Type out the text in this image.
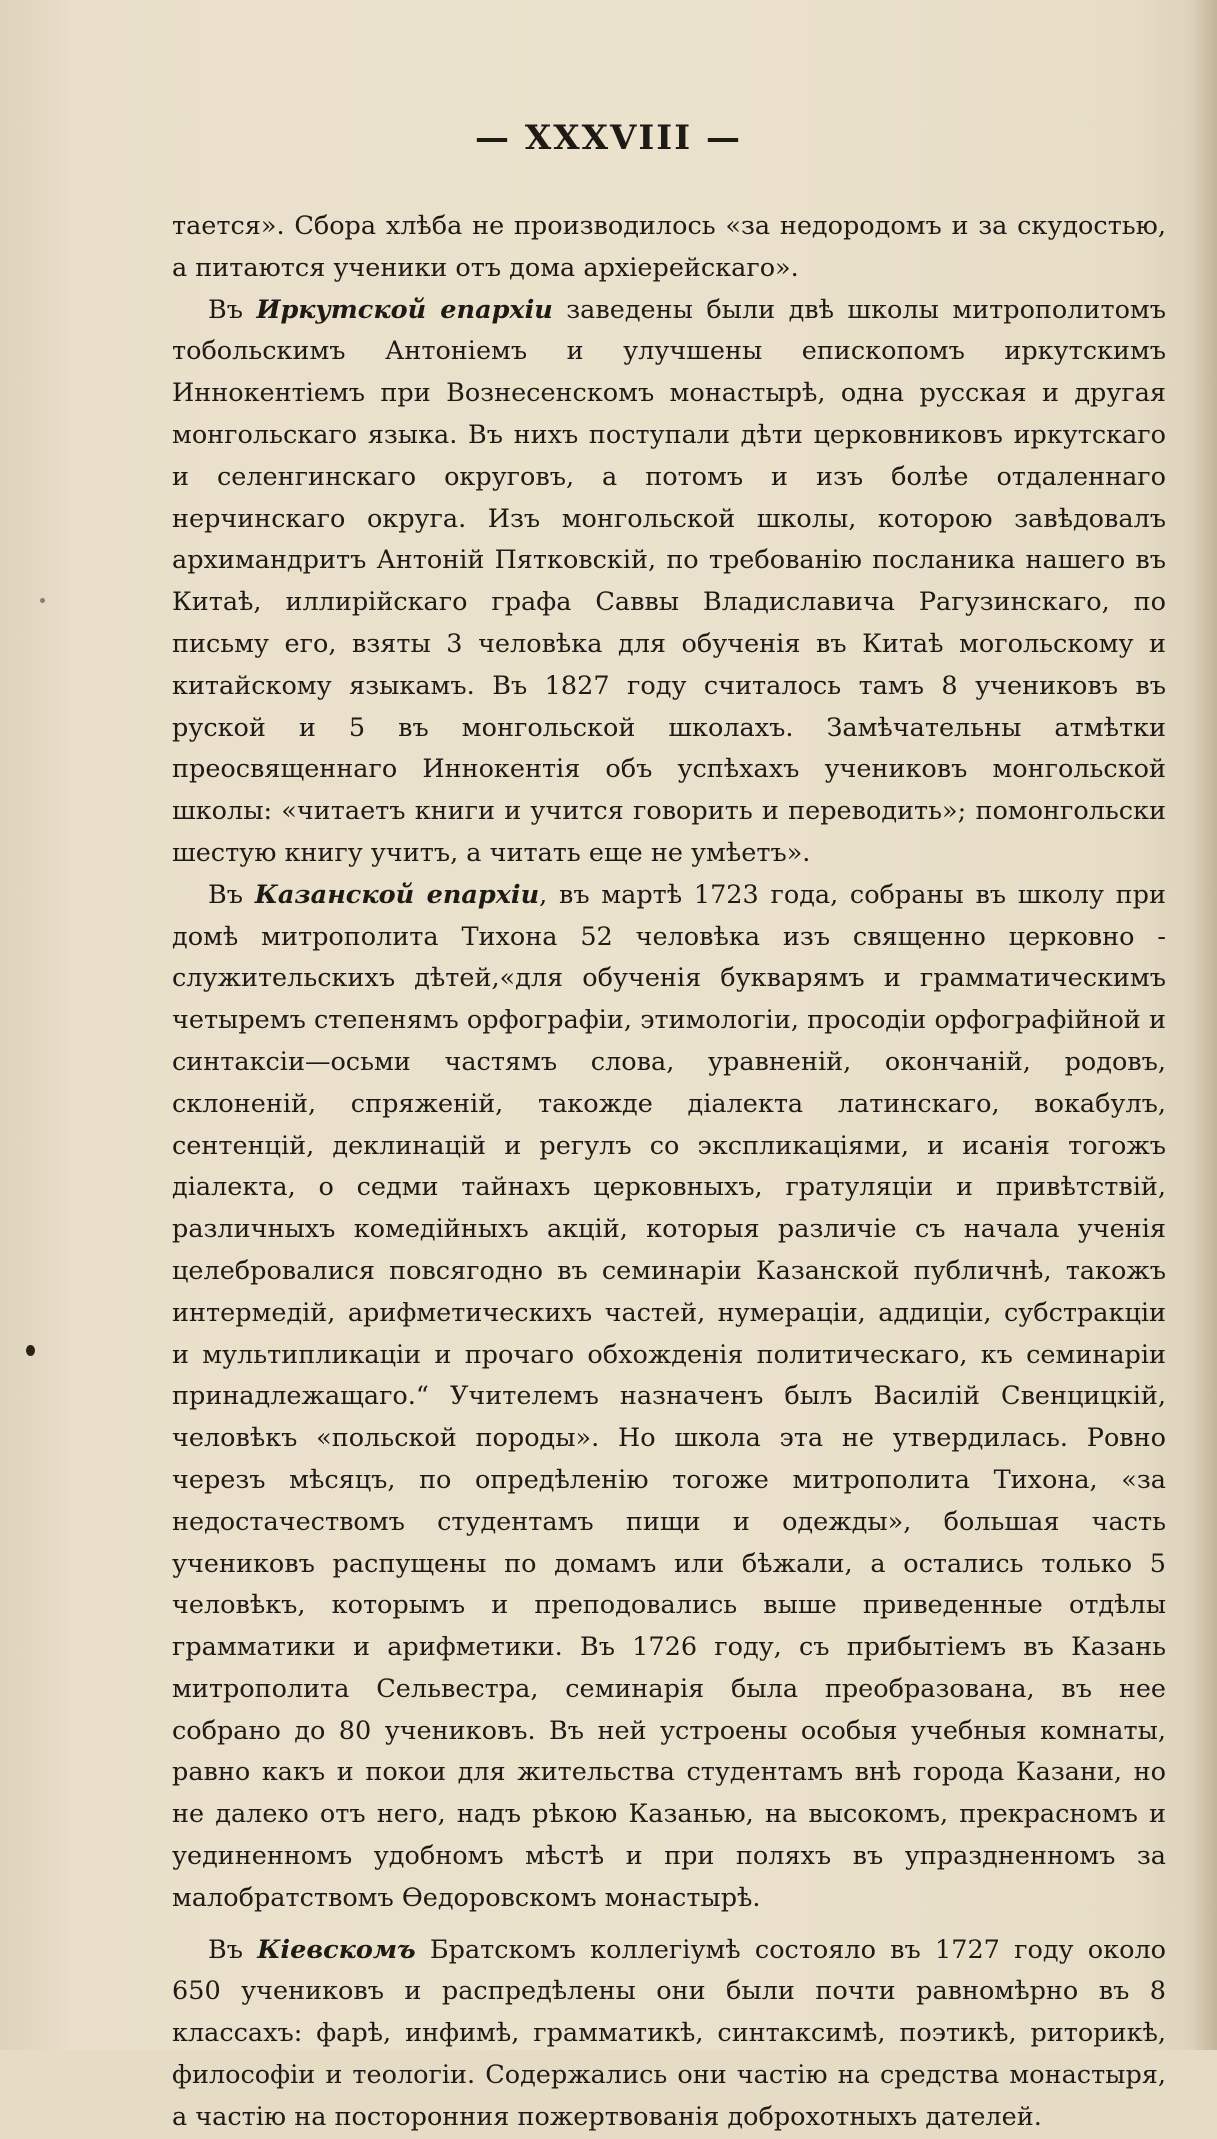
— XXXVIII —

тается». Сбора хлѣба не производилось «за недородомъ и за скудостью, а питаются ученики отъ дома архіерейскаго».

Въ Иркутской епархіи заведены были двѣ школы митрополитомъ тобольскимъ Антоніемъ и улучшены епископомъ иркутскимъ Иннокентіемъ при Вознесенскомъ монастырѣ, одна русская и другая монгольскаго языка. Въ нихъ поступали дѣти церковниковъ иркутскаго и селенгинскаго округовъ, а потомъ и изъ болѣе отдаленнаго нерчинскаго округа. Изъ монгольской школы, которою завѣдовалъ архимандритъ Антоній Пятковскій, по требованію посланика нашего въ Китаѣ, иллирійскаго графа Саввы Владиславича Рагузинскаго, по письму его, взяты 3 человѣка для обученія въ Китаѣ могольскому и китайскому языкамъ. Въ 1827 году считалось тамъ 8 учениковъ въ руской и 5 въ монгольской школахъ. Замѣчательны атмѣтки преосвященнаго Иннокентія объ успѣхахъ учениковъ монгольской школы: «читаетъ книги и учится говорить и переводить»; помонгольски шестую книгу учитъ, а читать еще не умѣетъ».

Въ Казанской епархіи, въ мартѣ 1723 года, собраны въ школу при домѣ митрополита Тихона 52 человѣка изъ священно церковно - служительскихъ дѣтей,«для обученія букварямъ и грамматическимъ четыремъ степенямъ орфографіи, этимологіи, просодіи орфографійной и синтаксіи—осьми частямъ слова, уравненій, окончаній, родовъ, склоненій, спряженій, такожде діалекта латинскаго, вокабулъ, сентенцій, деклинацій и регулъ со экспликаціями, и исанія тогожъ діалекта, о седми тайнахъ церковныхъ, гратуляціи и привѣтствій, различныхъ комедійныхъ акцій, которыя различіе съ начала ученія целебровалися повсягодно въ семинаріи Казанской публичнѣ, такожъ интермедій, арифметическихъ частей, нумераціи, аддиціи, субстракціи и мультипликаціи и прочаго обхожденія политическаго, къ семинаріи принадлежащаго.“ Учителемъ назначенъ былъ Василій Свенцицкій, человѣкъ «польской породы». Но школа эта не утвердилась. Ровно черезъ мѣсяцъ, по опредѣленію тогоже митрополита Тихона, «за недостачествомъ студентамъ пищи и одежды», большая часть учениковъ распущены по домамъ или бѣжали, а остались только 5 человѣкъ, которымъ и преподовались выше приведенные отдѣлы грамматики и арифметики. Въ 1726 году, съ прибытіемъ въ Казань митрополита Сельвестра, семинарія была преобразована, въ нее собрано до 80 учениковъ. Въ ней устроены особыя учебныя комнаты, равно какъ и покои для жительства студентамъ внѣ города Казани, но не далеко отъ него, надъ рѣкою Казанью, на высокомъ, прекрасномъ и уединенномъ удобномъ мѣстѣ и при поляхъ въ упраздненномъ за малобратствомъ Ѳедоровскомъ монастырѣ.

Въ Кіевскомъ Братскомъ коллегіумѣ состояло въ 1727 году около 650 учениковъ и распредѣлены они были почти равномѣрно въ 8 классахъ: фарѣ, инфимѣ, грамматикѣ, синтаксимѣ, поэтикѣ, риторикѣ, философіи и теологіи. Содержались они частію на средства монастыря, а частію на посторонния пожертвованія доброхотныхъ дателей.
